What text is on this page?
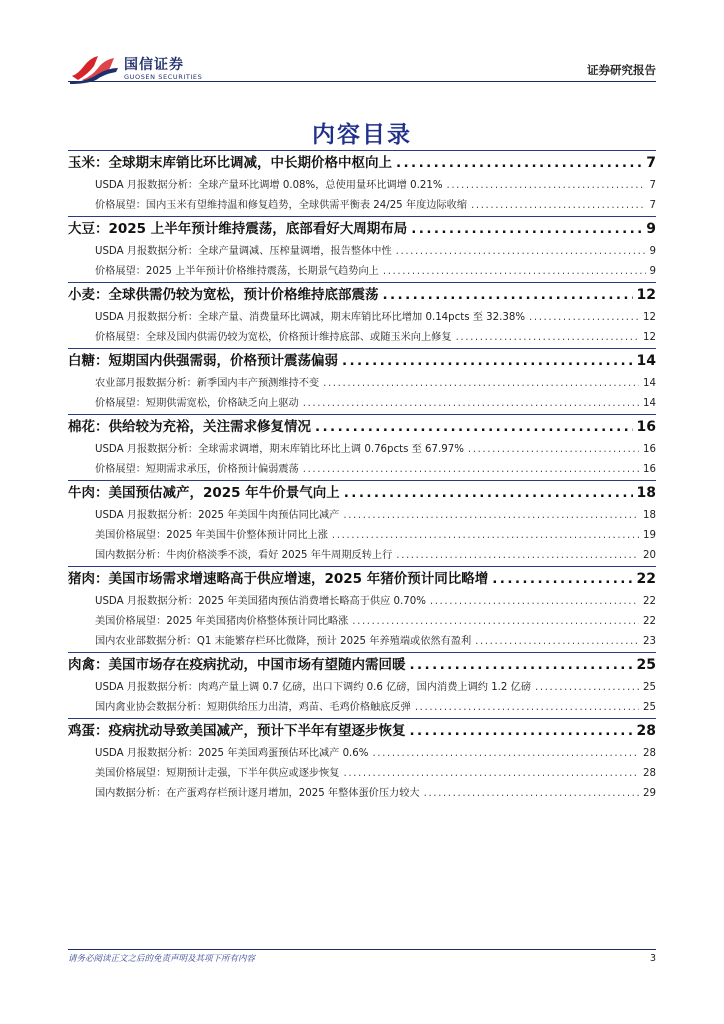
国信证券
GUOSEN SECURITIES	证券研究报告
内容目录
玉米：全球期末库销比环比调减，中长期价格中枢向上 .....	7
USDA 月报数据分析：全球产量环比调增 0.08%，总使用量环比调增 0.21% .....	7
价格展望：国内玉米有望维持温和修复趋势，全球供需平衡表 24/25 年度边际收缩 .....	7
大豆：2025 上半年预计维持震荡，底部看好大周期布局 .....	9
USDA 月报数据分析：全球产量调减、压榨量调增，报告整体中性 .....	9
价格展望：2025 上半年预计价格维持震荡，长期景气趋势向上 .....	9
小麦：全球供需仍较为宽松，预计价格维持底部震荡 .....	12
USDA 月报数据分析：全球产量、消费量环比调减，期末库销比环比增加 0.14pcts 至 32.38% .....	12
价格展望：全球及国内供需仍较为宽松，价格预计维持底部、或随玉米向上修复 .....	12
白糖：短期国内供强需弱，价格预计震荡偏弱 .....	14
农业部月报数据分析：新季国内丰产预测维持不变 .....	14
价格展望：短期供需宽松，价格缺乏向上驱动 .....	14
棉花：供给较为充裕，关注需求修复情况 .....	16
USDA 月报数据分析：全球需求调增，期末库销比环比上调 0.76pcts 至 67.97% .....	16
价格展望：短期需求承压，价格预计偏弱震荡 .....	16
牛肉：美国预估减产，2025 年牛价景气向上 .....	18
USDA 月报数据分析：2025 年美国牛肉预估同比减产 .....	18
美国价格展望：2025 年美国牛价整体预计同比上涨 .....	19
国内数据分析：牛肉价格淡季不淡，看好 2025 年牛周期反转上行 .....	20
猪肉：美国市场需求增速略高于供应增速，2025 年猪价预计同比略增 .....	22
USDA 月报数据分析：2025 年美国猪肉预估消费增长略高于供应 0.70% .....	22
美国价格展望：2025 年美国猪肉价格整体预计同比略涨 .....	22
国内农业部数据分析：Q1 末能繁存栏环比微降，预计 2025 年养殖端或依然有盈利 .....	23
肉禽：美国市场存在疫病扰动，中国市场有望随内需回暖 .....	25
USDA 月报数据分析：肉鸡产量上调 0.7 亿磅，出口下调约 0.6 亿磅，国内消费上调约 1.2 亿磅 .....	25
国内禽业协会数据分析：短期供给压力出清，鸡苗、毛鸡价格触底反弹 .....	25
鸡蛋：疫病扰动导致美国减产，预计下半年有望逐步恢复 .....	28
USDA 月报数据分析：2025 年美国鸡蛋预估环比减产 0.6% .....	28
美国价格展望：短期预计走强，下半年供应或逐步恢复 .....	28
国内数据分析：在产蛋鸡存栏预计逐月增加，2025 年整体蛋价压力较大 .....	29
请务必阅读正文之后的免责声明及其项下所有内容	3
